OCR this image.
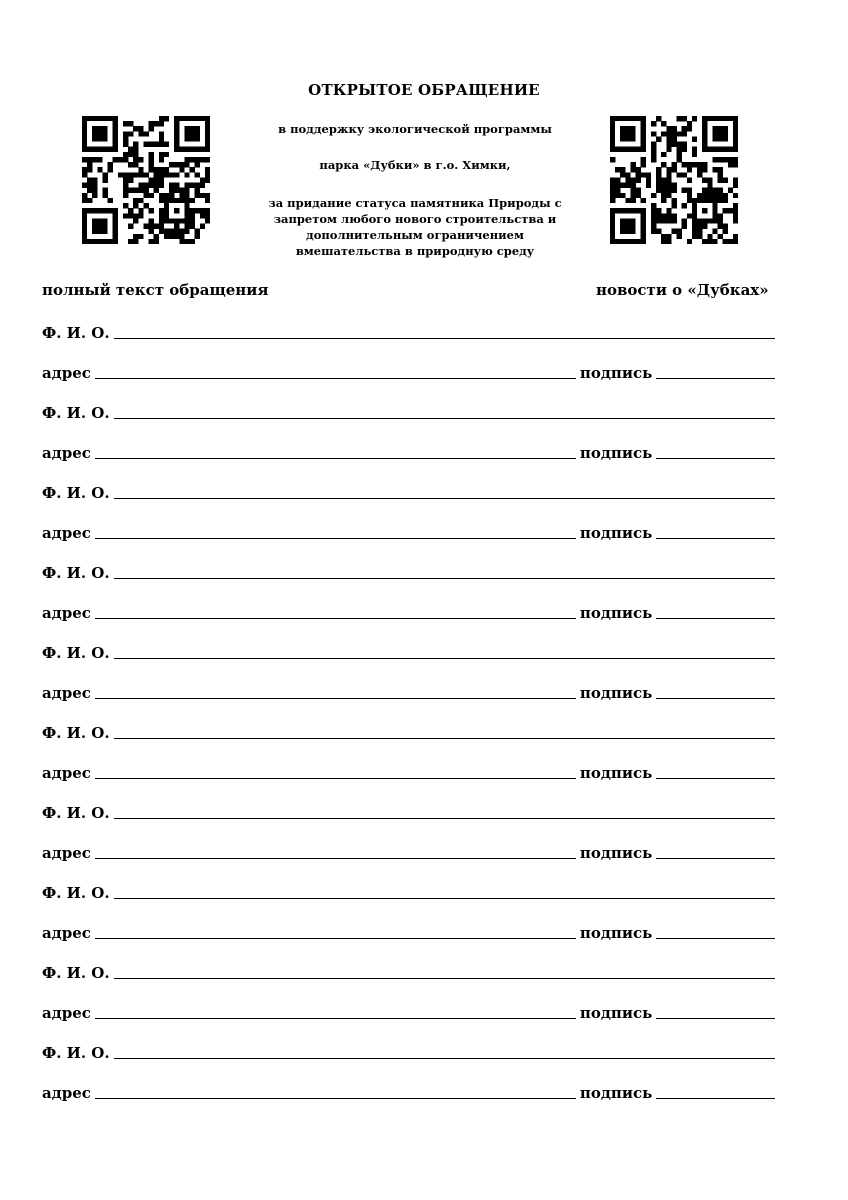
ОТКРЫТОЕ ОБРАЩЕНИЕ
в поддержку экологической программы
парка «Дубки» в г.о. Химки,
за придание статуса памятника Природы с запретом любого нового строительства и дополнительным ограничением вмешательства в природную среду
полный текст обращения	новости о «Дубках»
Ф. И. О.
адрес	подпись
Ф. И. О.
адрес	подпись
Ф. И. О.
адрес	подпись
Ф. И. О.
адрес	подпись
Ф. И. О.
адрес	подпись
Ф. И. О.
адрес	подпись
Ф. И. О.
адрес	подпись
Ф. И. О.
адрес	подпись
Ф. И. О.
адрес	подпись
Ф. И. О.
адрес	подпись
